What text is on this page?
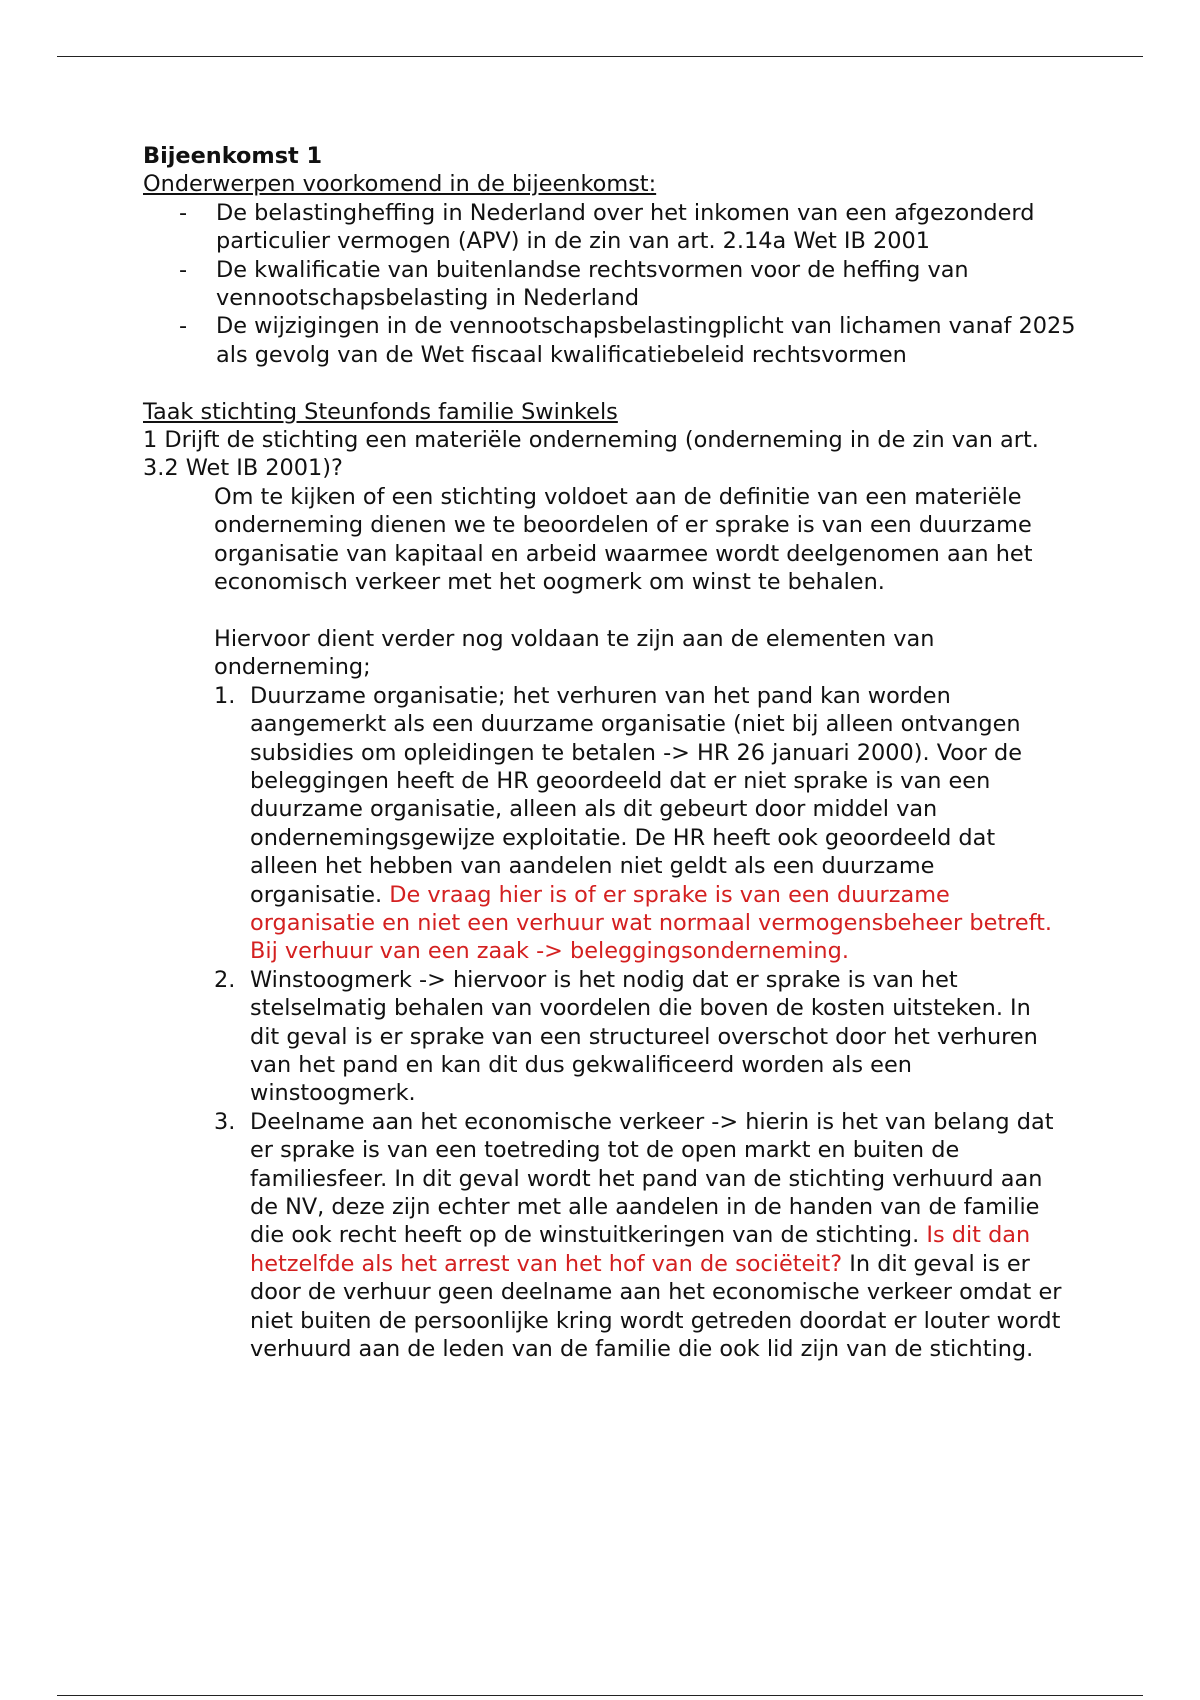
Bijeenkomst 1

Onderwerpen voorkomend in de bijeenkomst:

- De belastingheffing in Nederland over het inkomen van een afgezonderd particulier vermogen (APV) in de zin van art. 2.14a Wet IB 2001
- De kwalificatie van buitenlandse rechtsvormen voor de heffing van vennootschapsbelasting in Nederland
- De wijzigingen in de vennootschapsbelastingplicht van lichamen vanaf 2025 als gevolg van de Wet fiscaal kwalificatiebeleid rechtsvormen

Taak stichting Steunfonds familie Swinkels

1 Drijft de stichting een materiële onderneming (onderneming in de zin van art. 3.2 Wet IB 2001)?

Om te kijken of een stichting voldoet aan de definitie van een materiële onderneming dienen we te beoordelen of er sprake is van een duurzame organisatie van kapitaal en arbeid waarmee wordt deelgenomen aan het economisch verkeer met het oogmerk om winst te behalen.

Hiervoor dient verder nog voldaan te zijn aan de elementen van onderneming;

1. Duurzame organisatie; het verhuren van het pand kan worden aangemerkt als een duurzame organisatie (niet bij alleen ontvangen subsidies om opleidingen te betalen -> HR 26 januari 2000). Voor de beleggingen heeft de HR geoordeeld dat er niet sprake is van een duurzame organisatie, alleen als dit gebeurt door middel van ondernemingsgewijze exploitatie. De HR heeft ook geoordeeld dat alleen het hebben van aandelen niet geldt als een duurzame organisatie. De vraag hier is of er sprake is van een duurzame organisatie en niet een verhuur wat normaal vermogensbeheer betreft. Bij verhuur van een zaak -> beleggingsonderneming.
2. Winstoogmerk -> hiervoor is het nodig dat er sprake is van het stelselmatig behalen van voordelen die boven de kosten uitsteken. In dit geval is er sprake van een structureel overschot door het verhuren van het pand en kan dit dus gekwalificeerd worden als een winstoogmerk.
3. Deelname aan het economische verkeer -> hierin is het van belang dat er sprake is van een toetreding tot de open markt en buiten de familiesfeer. In dit geval wordt het pand van de stichting verhuurd aan de NV, deze zijn echter met alle aandelen in de handen van de familie die ook recht heeft op de winstuitkeringen van de stichting. Is dit dan hetzelfde als het arrest van het hof van de sociëteit? In dit geval is er door de verhuur geen deelname aan het economische verkeer omdat er niet buiten de persoonlijke kring wordt getreden doordat er louter wordt verhuurd aan de leden van de familie die ook lid zijn van de stichting.
